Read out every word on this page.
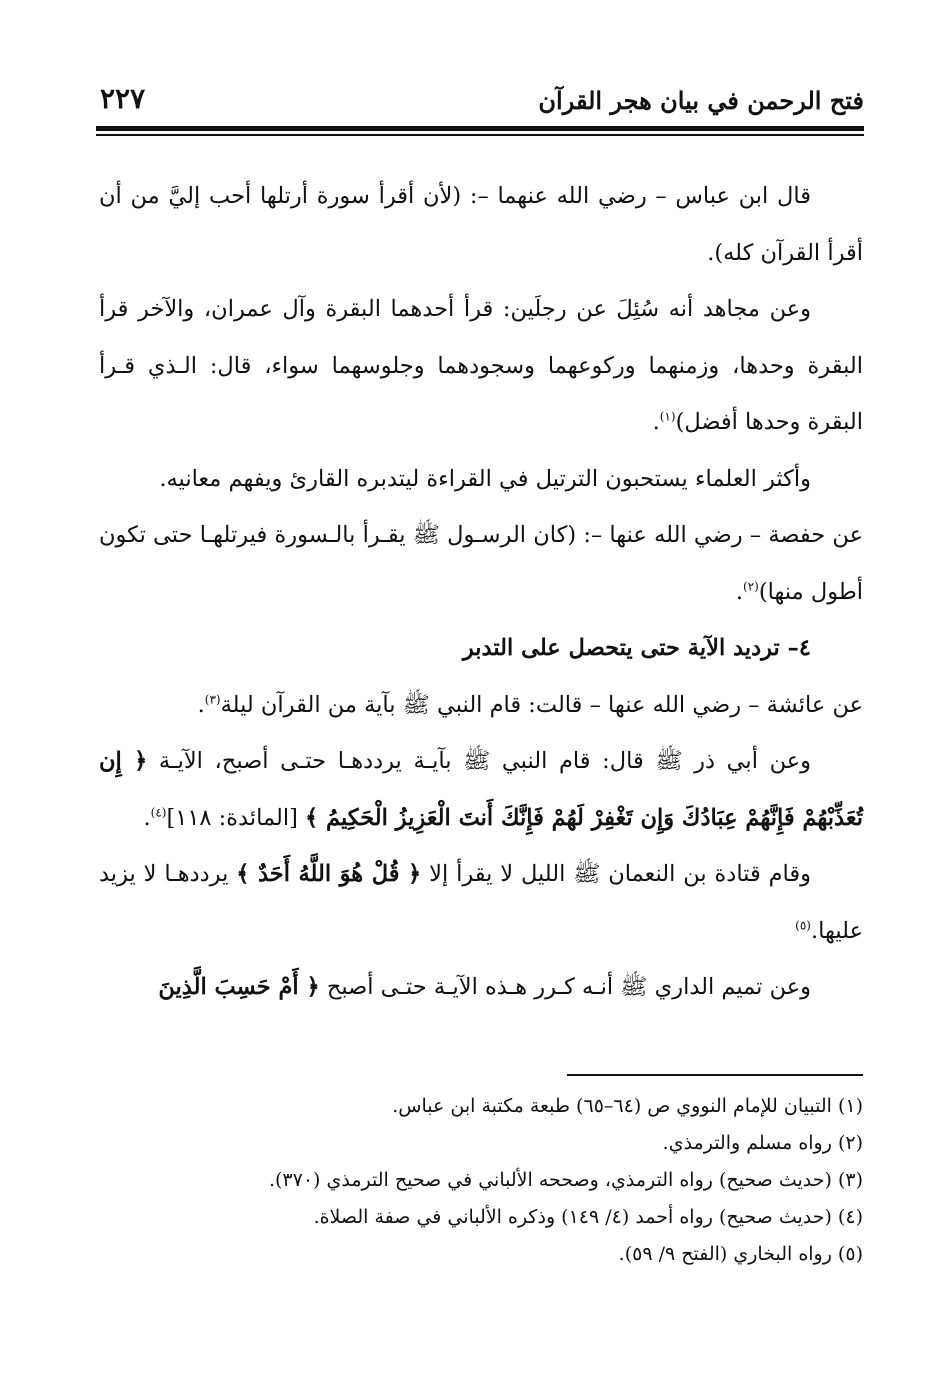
فتح الرحمن في بيان هجر القرآن
٢٢٧

قال ابن عباس – رضي الله عنهما –: (لأن أقرأ سورة أرتلها أحب إليَّ من أن أقرأ القرآن كله).

وعن مجاهد أنه سُئِلَ عن رجلَين: قرأ أحدهما البقرة وآل عمران، والآخر قرأ البقرة وحدها، وزمنهما وركوعهما وسجودهما وجلوسهما سواء، قال: الـذي قـرأ البقرة وحدها أفضل)$^{(١)}$.

وأكثر العلماء يستحبون الترتيل في القراءة ليتدبره القارئ ويفهم معانيه.

عن حفصة – رضي الله عنها –: (كان الرسـول ﷺ يقـرأ بالـسورة فيرتلهـا حتى تكون أطول منها)$^{(٢)}$.

٤– ترديد الآية حتى يتحصل على التدبر

عن عائشة – رضي الله عنها – قالت: قام النبي ﷺ بآية من القرآن ليلة$^{(٣)}$.

وعن أبي ذر ﷺ قال: قام النبي ﷺ بآيـة يرددهـا حتـى أصبح، الآيـة ﴿ إِن تُعَذِّبْهُمْ فَإِنَّهُمْ عِبَادُكَ وَإِن تَغْفِرْ لَهُمْ فَإِنَّكَ أَنتَ الْعَزِيزُ الْحَكِيمُ ﴾ [المائدة: ١١٨]$^{(٤)}$.

وقام قتادة بن النعمان ﷺ الليل لا يقرأ إلا ﴿ قُلْ هُوَ اللَّهُ أَحَدٌ ﴾ يرددهـا لا يزيد عليها.$^{(٥)}$

وعن تميم الداري ﷺ أنـه كـرر هـذه الآيـة حتـى أصبح ﴿ أَمْ حَسِبَ الَّذِينَ

(١) التبيان للإمام النووي ص (٦٤–٦٥) طبعة مكتبة ابن عباس.
(٢) رواه مسلم والترمذي.
(٣) (حديث صحيح) رواه الترمذي، وصححه الألباني في صحيح الترمذي (٣٧٠).
(٤) (حديث صحيح) رواه أحمد (٤/ ١٤٩) وذكره الألباني في صفة الصلاة.
(٥) رواه البخاري (الفتح ٩/ ٥٩).
